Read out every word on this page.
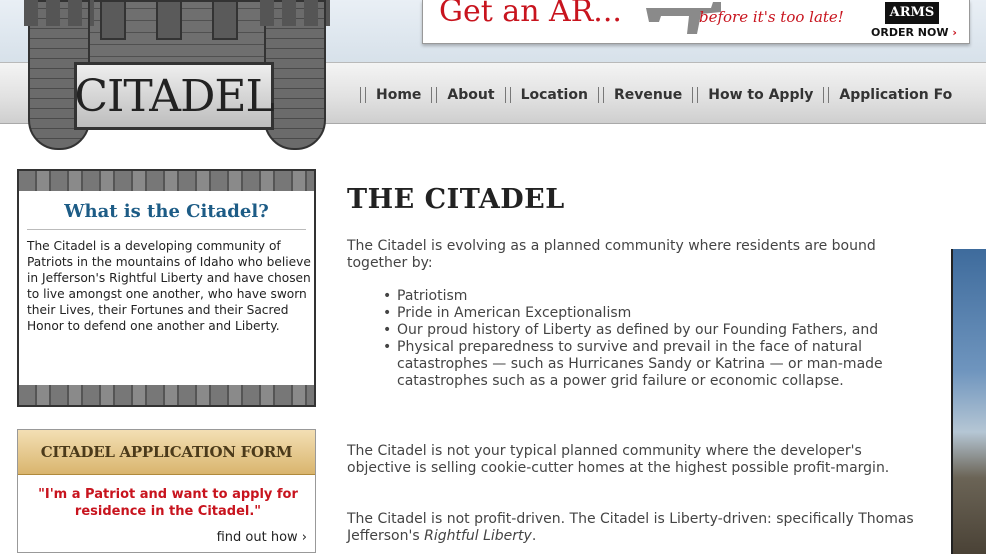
CITADEL
Get an AR...	before it's too late!	ARMS
ORDER NOW ›
Home About Location Revenue How to Apply Application Fo
What is the Citadel?
The Citadel is a developing community of Patriots in the mountains of Idaho who believe in Jefferson's Rightful Liberty and have chosen to live amongst one another, who have sworn their Lives, their Fortunes and their Sacred Honor to defend one another and Liberty.
CITADEL APPLICATION FORM
"I'm a Patriot and want to apply for residence in the Citadel."
find out how ›
THE CITADEL
The Citadel is evolving as a planned community where residents are bound together by:
• Patriotism
• Pride in American Exceptionalism
• Our proud history of Liberty as defined by our Founding Fathers, and
• Physical preparedness to survive and prevail in the face of natural catastrophes — such as Hurricanes Sandy or Katrina — or man-made catastrophes such as a power grid failure or economic collapse.
The Citadel is not your typical planned community where the developer's objective is selling cookie-cutter homes at the highest possible profit-margin.
The Citadel is not profit-driven. The Citadel is Liberty-driven: specifically Thomas Jefferson's Rightful Liberty.
